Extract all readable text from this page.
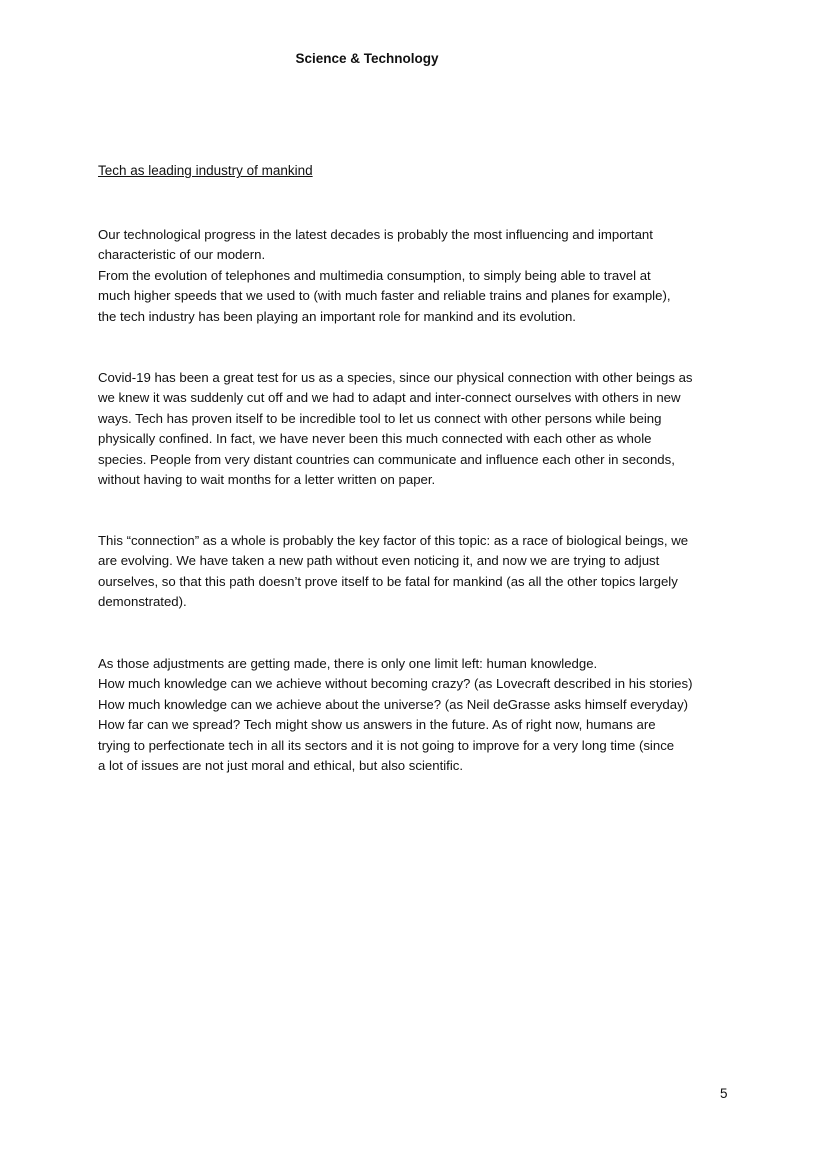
Science & Technology
Tech as leading industry of mankind

Our technological progress in the latest decades is probably the most influencing and important
characteristic of our modern.
From the evolution of telephones and multimedia consumption, to simply being able to travel at
much higher speeds that we used to (with much faster and reliable trains and planes for example),
the tech industry has been playing an important role for mankind and its evolution.

Covid-19 has been a great test for us as a species, since our physical connection with other beings as
we knew it was suddenly cut off and we had to adapt and inter-connect ourselves with others in new
ways. Tech has proven itself to be incredible tool to let us connect with other persons while being
physically confined. In fact, we have never been this much connected with each other as whole
species. People from very distant countries can communicate and influence each other in seconds,
without having to wait months for a letter written on paper.

This “connection” as a whole is probably the key factor of this topic: as a race of biological beings, we
are evolving. We have taken a new path without even noticing it, and now we are trying to adjust
ourselves, so that this path doesn’t prove itself to be fatal for mankind (as all the other topics largely
demonstrated).

As those adjustments are getting made, there is only one limit left: human knowledge.
How much knowledge can we achieve without becoming crazy? (as Lovecraft described in his stories)
How much knowledge can we achieve about the universe? (as Neil deGrasse asks himself everyday)
How far can we spread? Tech might show us answers in the future. As of right now, humans are
trying to perfectionate tech in all its sectors and it is not going to improve for a very long time (since
a lot of issues are not just moral and ethical, but also scientific.

5
